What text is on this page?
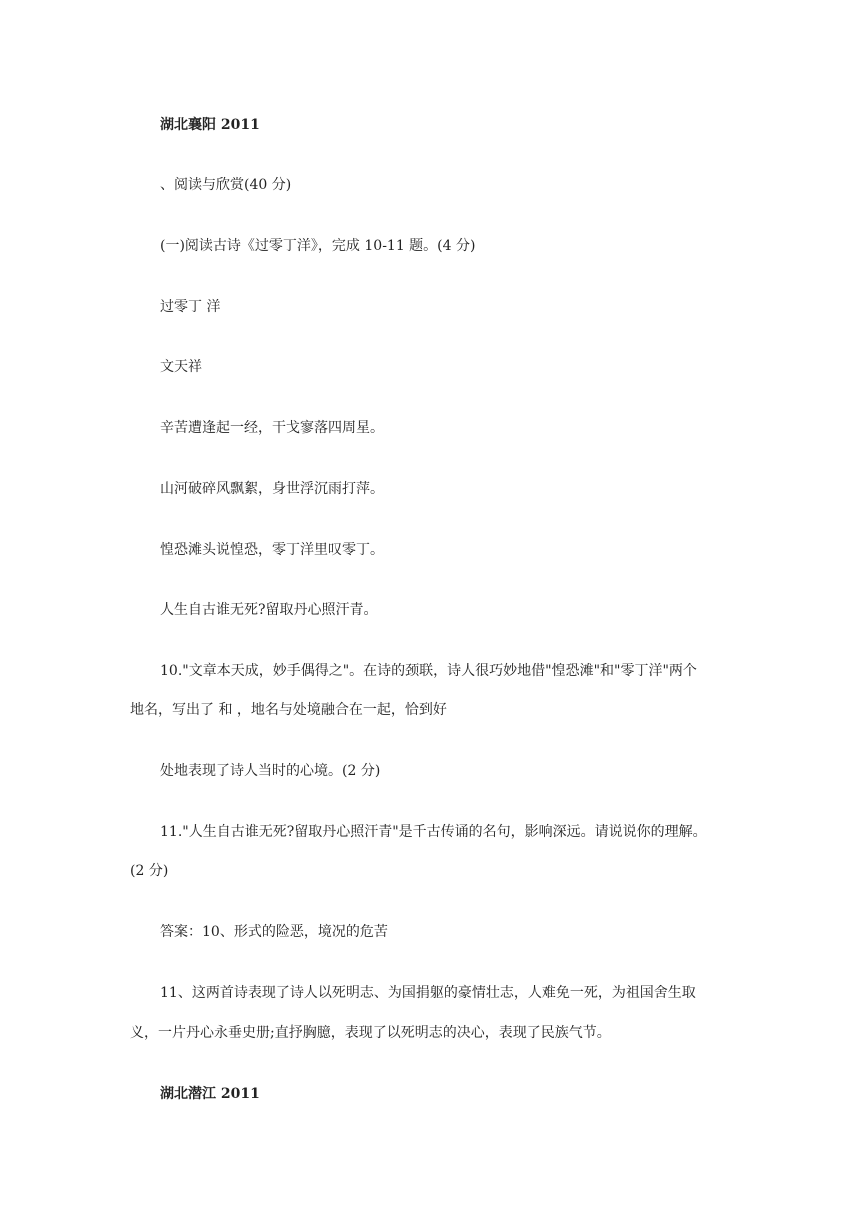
湖北襄阳 2011

、阅读与欣赏(40 分)

(一)阅读古诗《过零丁洋》，完成 10-11 题。(4 分)

过零丁 洋

文天祥

辛苦遭逢起一经，干戈寥落四周星。

山河破碎风飘絮，身世浮沉雨打萍。

惶恐滩头说惶恐，零丁洋里叹零丁。

人生自古谁无死?留取丹心照汗青。

10."文章本天成，妙手偶得之"。在诗的颈联，诗人很巧妙地借"惶恐滩"和"零丁洋"两个

地名，写出了 和 ，地名与处境融合在一起，恰到好

处地表现了诗人当时的心境。(2 分)

11."人生自古谁无死?留取丹心照汗青"是千古传诵的名句，影响深远。请说说你的理解。

(2 分)

答案：10、形式的险恶，境况的危苦

11、这两首诗表现了诗人以死明志、为国捐躯的豪情壮志，人难免一死，为祖国舍生取

义，一片丹心永垂史册;直抒胸臆，表现了以死明志的决心，表现了民族气节。

湖北潜江 2011
